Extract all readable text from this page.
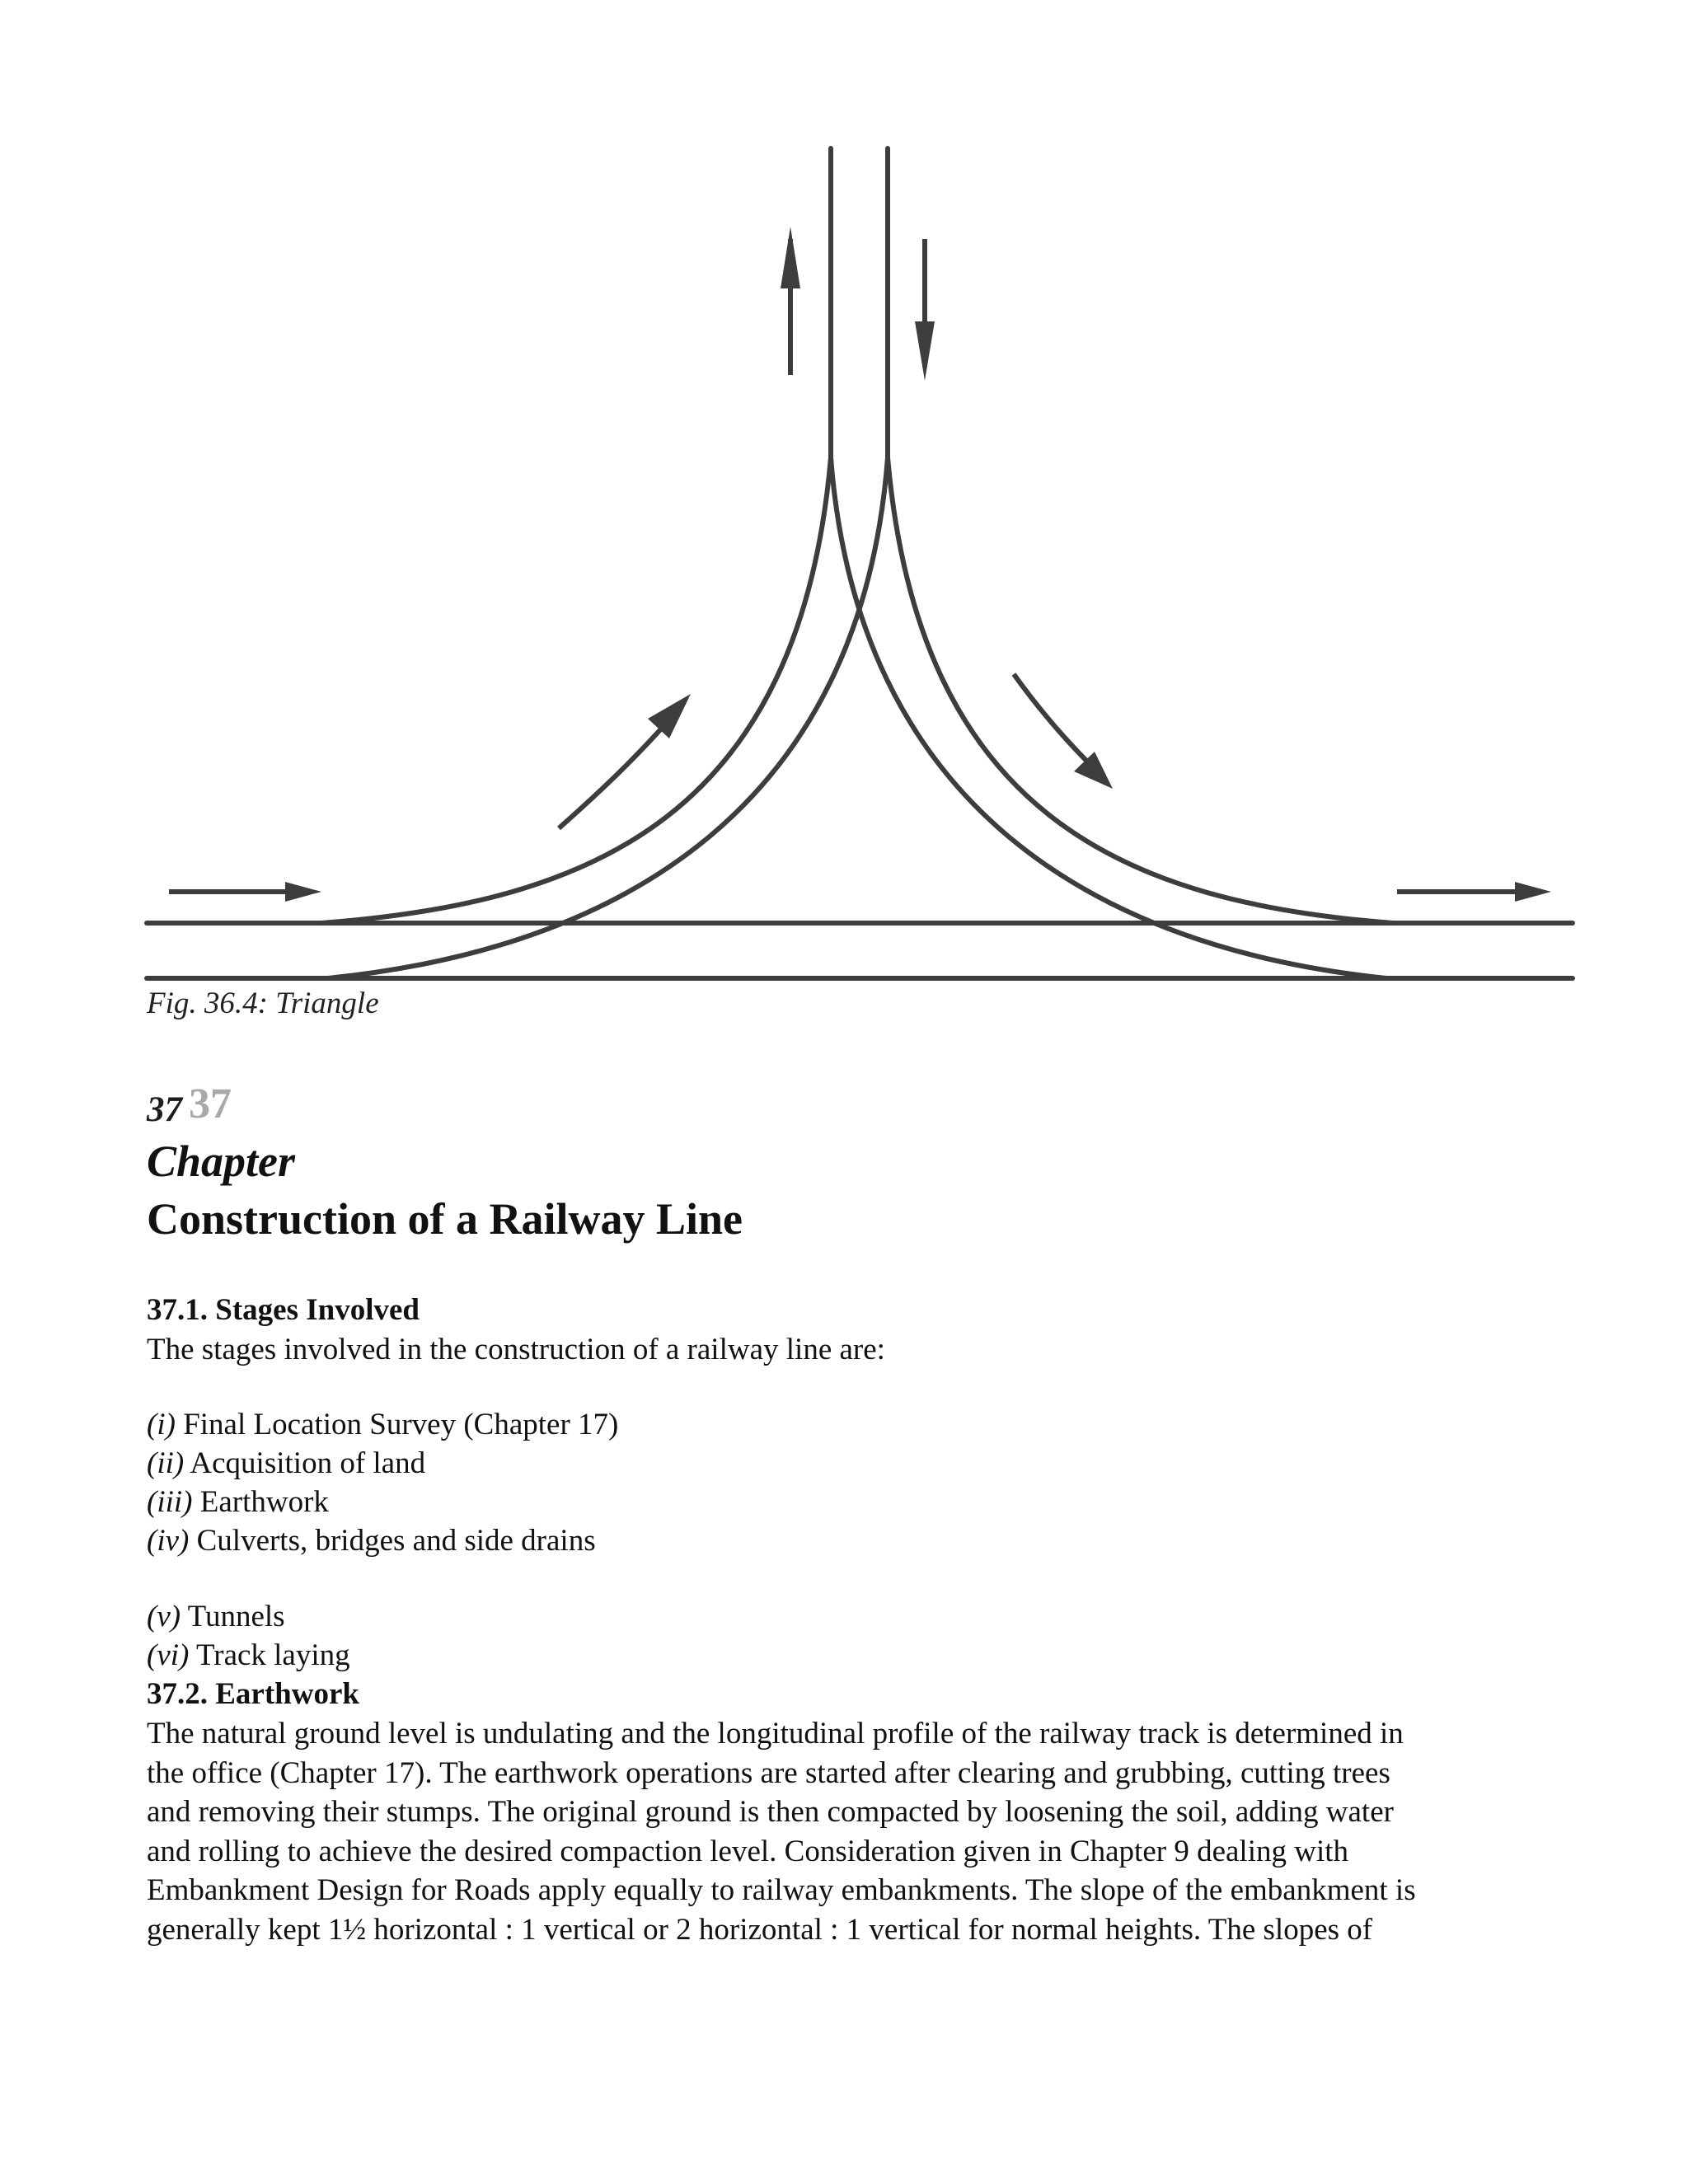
Fig. 36.4: Triangle
37 37
Chapter
Construction of a Railway Line
37.1. Stages Involved
The stages involved in the construction of a railway line are:
(i) Final Location Survey (Chapter 17)
(ii) Acquisition of land
(iii) Earthwork
(iv) Culverts, bridges and side drains
(v) Tunnels
(vi) Track laying
37.2. Earthwork
The natural ground level is undulating and the longitudinal profile of the railway track is determined in
the office (Chapter 17). The earthwork operations are started after clearing and grubbing, cutting trees
and removing their stumps. The original ground is then compacted by loosening the soil, adding water
and rolling to achieve the desired compaction level. Consideration given in Chapter 9 dealing with
Embankment Design for Roads apply equally to railway embankments. The slope of the embankment is
generally kept 1½ horizontal : 1 vertical or 2 horizontal : 1 vertical for normal heights. The slopes of
